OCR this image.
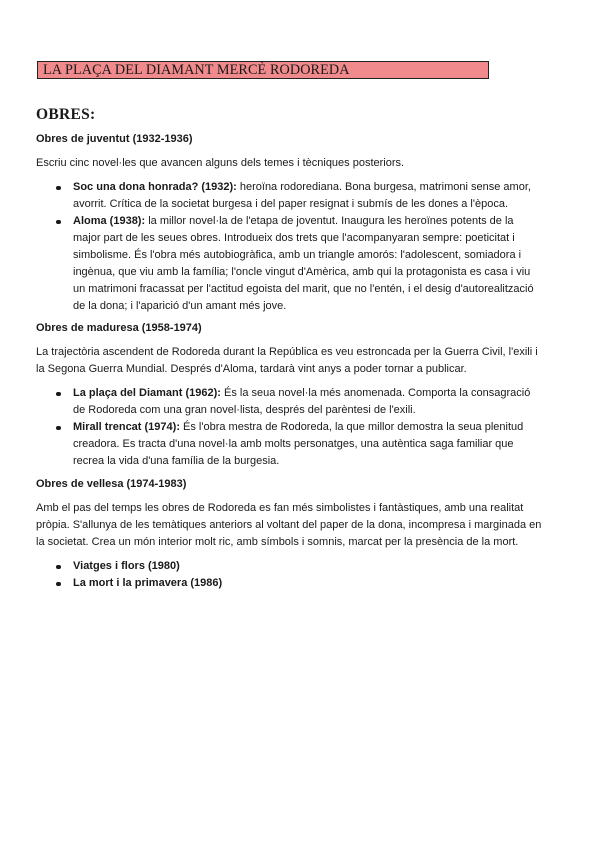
LA PLAÇA DEL DIAMANT MERCÈ RODOREDA
OBRES:
Obres de juventut (1932-1936)

Escriu cinc novel·les que avancen alguns dels temes i tècniques posteriors.

Soc una dona honrada? (1932): heroïna rodorediana. Bona burgesa, matrimoni sense amor, avorrit. Crítica de la societat burgesa i del paper resignat i submís de les dones a l'època.
Aloma (1938): la millor novel·la de l'etapa de joventut. Inaugura les heroïnes potents de la major part de les seues obres. Introdueix dos trets que l'acompanyaran sempre: poeticitat i simbolisme. És l'obra més autobiogràfica, amb un triangle amorós: l'adolescent, somiadora i ingènua, que viu amb la família; l'oncle vingut d'Amèrica, amb qui la protagonista es casa i viu un matrimoni fracassat per l'actitud egoista del marit, que no l'entén, i el desig d'autorealització de la dona; i l'aparició d'un amant més jove.
Obres de maduresa (1958-1974)

La trajectòria ascendent de Rodoreda durant la República es veu estroncada per la Guerra Civil, l'exili i la Segona Guerra Mundial. Després d'Aloma, tardarà vint anys a poder tornar a publicar.

La plaça del Diamant (1962): És la seua novel·la més anomenada. Comporta la consagració de Rodoreda com una gran novel·lista, després del parèntesi de l'exili.
Mirall trencat (1974): És l'obra mestra de Rodoreda, la que millor demostra la seua plenitud creadora. Es tracta d'una novel·la amb molts personatges, una autèntica saga familiar que recrea la vida d'una família de la burgesia.
Obres de vellesa (1974-1983)

Amb el pas del temps les obres de Rodoreda es fan més simbolistes i fantàstiques, amb una realitat pròpia. S'allunya de les temàtiques anteriors al voltant del paper de la dona, incompresa i marginada en la societat. Crea un món interior molt ric, amb símbols i somnis, marcat per la presència de la mort.

Viatges i flors (1980)
La mort i la primavera (1986)
